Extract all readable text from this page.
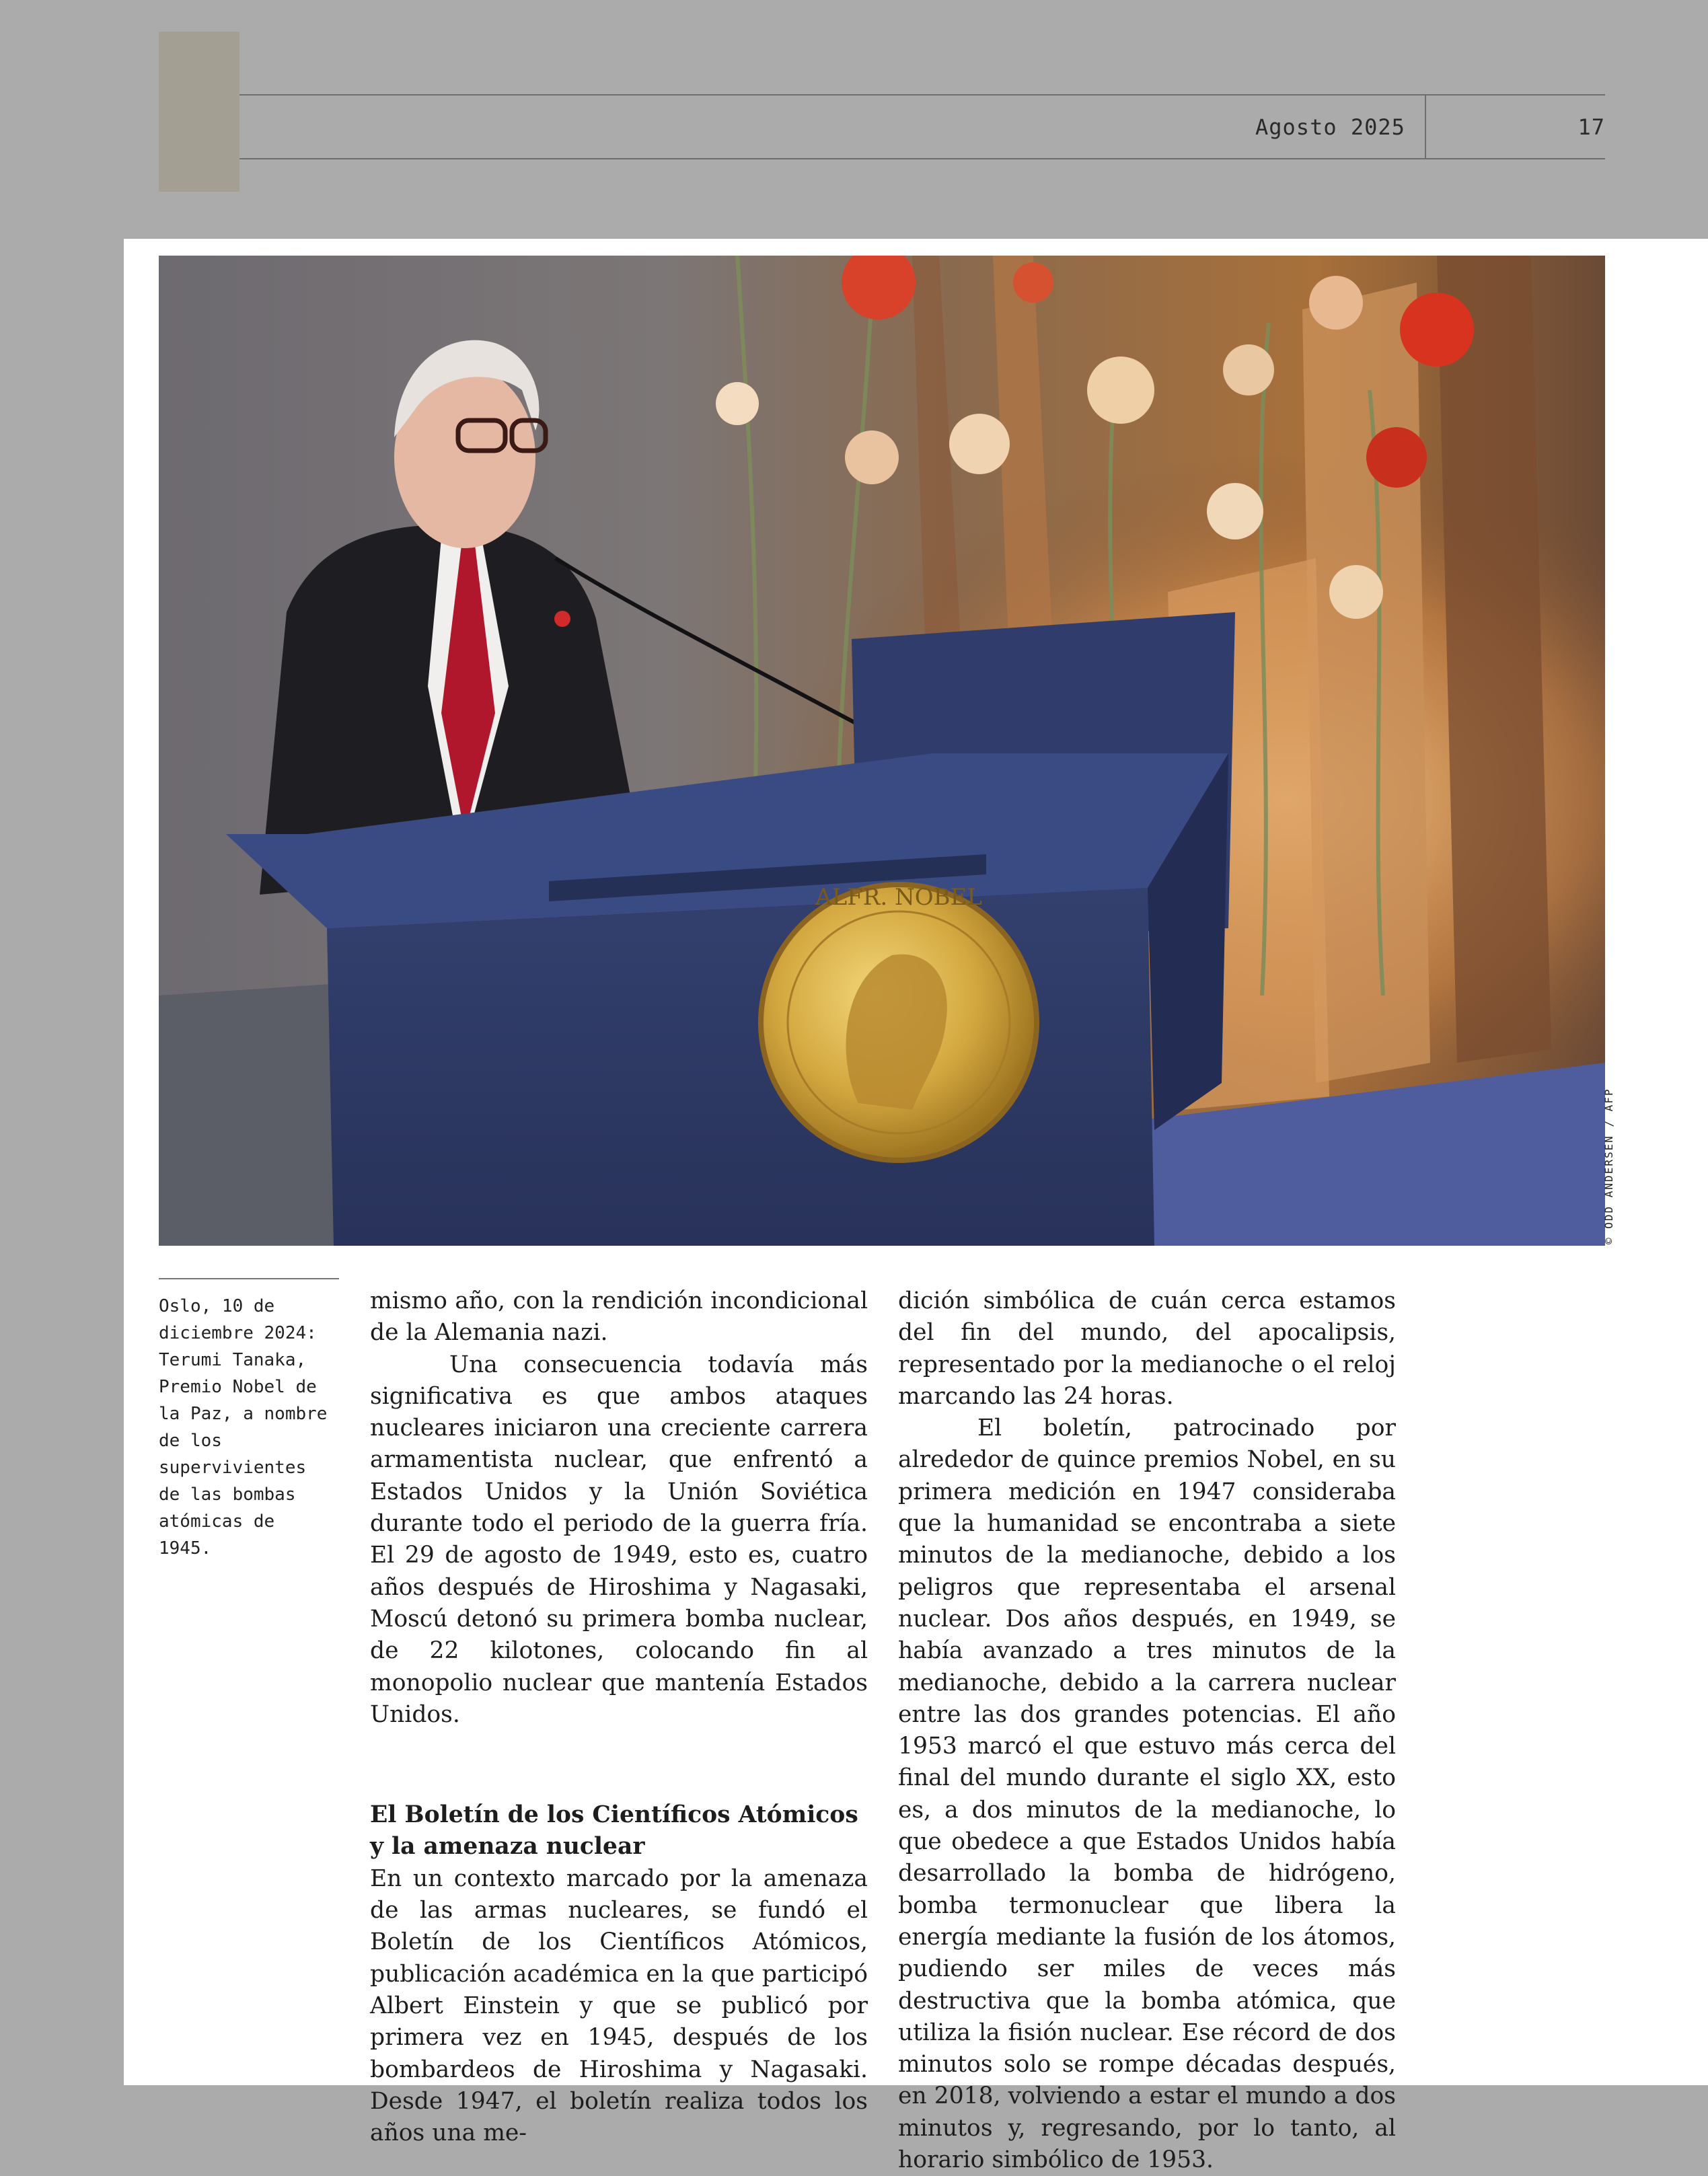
Agosto 2025	17
ALFR. NOBEL
© ODD ANDERSEN / AFP
Oslo, 10 de diciembre 2024: Terumi Tanaka, Premio Nobel de la Paz, a nombre de los supervivientes de las bombas atómicas de 1945.

mismo año, con la rendición incondicional de la Alemania nazi.

Una consecuencia todavía más significativa es que ambos ataques nucleares iniciaron una creciente carrera armamentista nuclear, que enfrentó a Estados Unidos y la Unión Soviética durante todo el periodo de la guerra fría. El 29 de agosto de 1949, esto es, cuatro años después de Hiroshima y Nagasaki, Moscú detonó su primera bomba nuclear, de 22 kilotones, colocando fin al monopolio nuclear que mantenía Estados Unidos.

El Boletín de los Científicos Atómicos y la amenaza nuclear

En un contexto marcado por la amenaza de las armas nucleares, se fundó el Boletín de los Científicos Atómicos, publicación académica en la que participó Albert Einstein y que se publicó por primera vez en 1945, después de los bombardeos de Hiroshima y Nagasaki. Desde 1947, el boletín realiza todos los años una me-

dición simbólica de cuán cerca estamos del fin del mundo, del apocalipsis, representado por la medianoche o el reloj marcando las 24 horas.

El boletín, patrocinado por alrededor de quince premios Nobel, en su primera medición en 1947 consideraba que la humanidad se encontraba a siete minutos de la medianoche, debido a los peligros que representaba el arsenal nuclear. Dos años después, en 1949, se había avanzado a tres minutos de la medianoche, debido a la carrera nuclear entre las dos grandes potencias. El año 1953 marcó el que estuvo más cerca del final del mundo durante el siglo XX, esto es, a dos minutos de la medianoche, lo que obedece a que Estados Unidos había desarrollado la bomba de hidrógeno, bomba termonuclear que libera la energía mediante la fusión de los átomos, pudiendo ser miles de veces más destructiva que la bomba atómica, que utiliza la fisión nuclear. Ese récord de dos minutos solo se rompe décadas después, en 2018, volviendo a estar el mundo a dos minutos y, regresando, por lo tanto, al horario simbólico de 1953.
